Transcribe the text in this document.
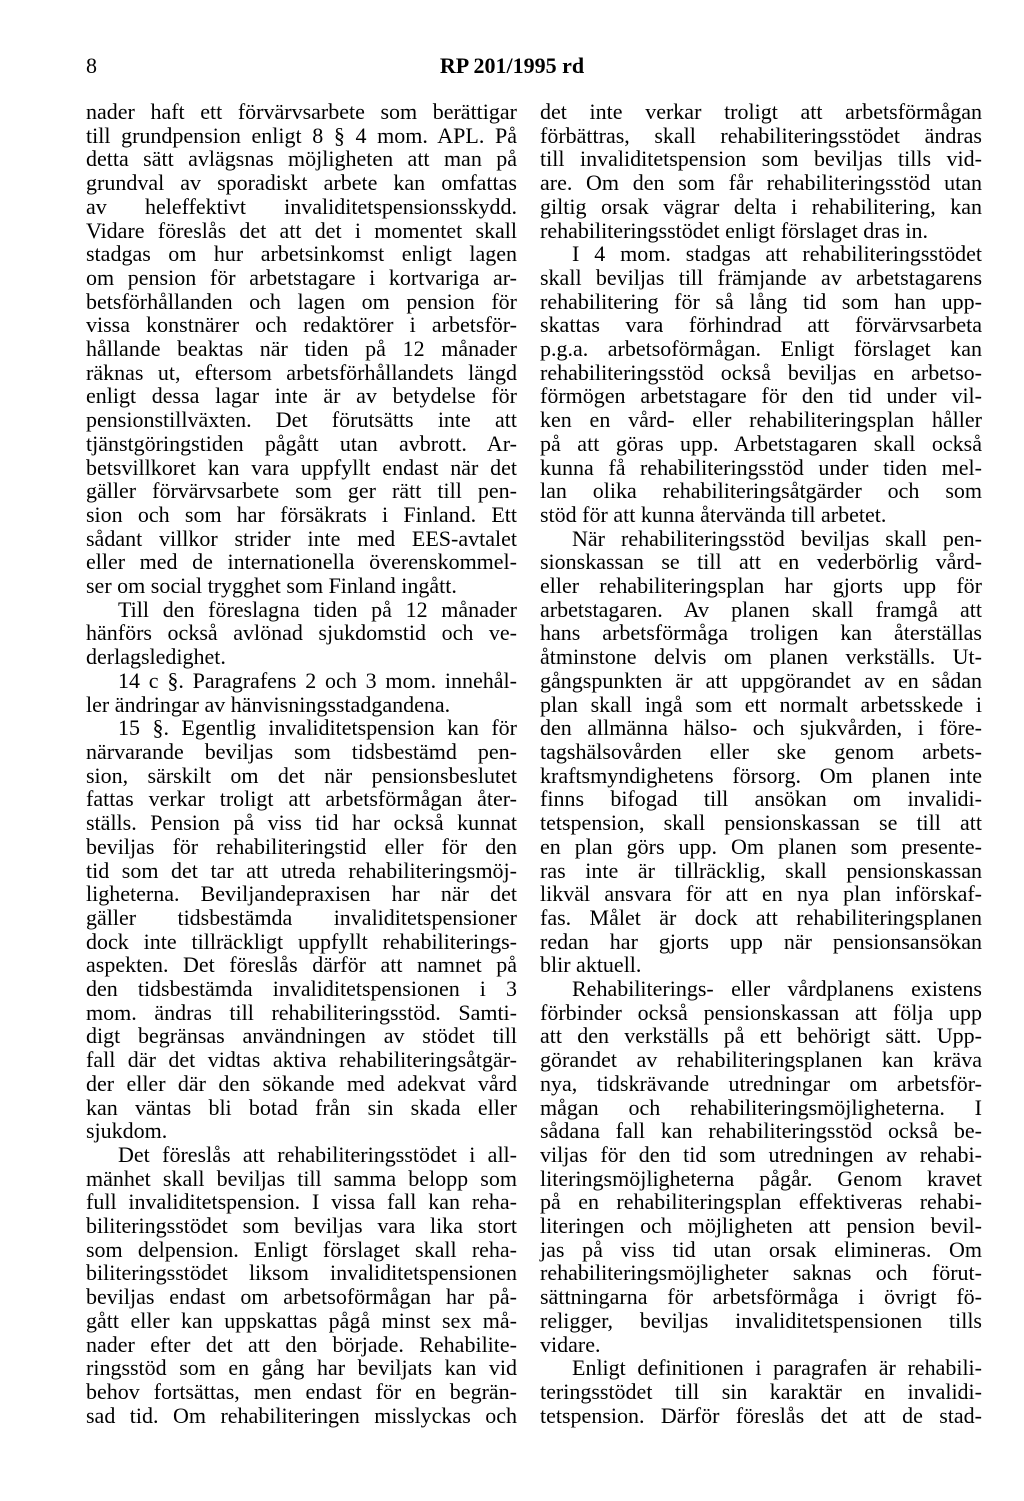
8	RP 201/1995 rd

nader haft ett förvärvsarbete som berättigar
till grundpension enligt 8 § 4 mom. APL. På
detta sätt avlägsnas möjligheten att man på
grundval av sporadiskt arbete kan omfattas
av heleffektivt invaliditetspensionsskydd.
Vidare föreslås det att det i momentet skall
stadgas om hur arbetsinkomst enligt lagen
om pension för arbetstagare i kortvariga ar-
betsförhållanden och lagen om pension för
vissa konstnärer och redaktörer i arbetsför-
hållande beaktas när tiden på 12 månader
räknas ut, eftersom arbetsförhållandets längd
enligt dessa lagar inte är av betydelse för
pensionstillväxten. Det förutsätts inte att
tjänstgöringstiden pågått utan avbrott. Ar-
betsvillkoret kan vara uppfyllt endast när det
gäller förvärvsarbete som ger rätt till pen-
sion och som har försäkrats i Finland. Ett
sådant villkor strider inte med EES-avtalet
eller med de internationella överenskommel-
ser om social trygghet som Finland ingått.

Till den föreslagna tiden på 12 månader
hänförs också avlönad sjukdomstid och ve-
derlagsledighet.

14 c §. Paragrafens 2 och 3 mom. innehål-
ler ändringar av hänvisningsstadgandena.

15 §. Egentlig invaliditetspension kan för
närvarande beviljas som tidsbestämd pen-
sion, särskilt om det när pensionsbeslutet
fattas verkar troligt att arbetsförmågan åter-
ställs. Pension på viss tid har också kunnat
beviljas för rehabiliteringstid eller för den
tid som det tar att utreda rehabiliteringsmöj-
ligheterna. Beviljandepraxisen har när det
gäller tidsbestämda invaliditetspensioner
dock inte tillräckligt uppfyllt rehabiliterings-
aspekten. Det föreslås därför att namnet på
den tidsbestämda invaliditetspensionen i 3
mom. ändras till rehabiliteringsstöd. Samti-
digt begränsas användningen av stödet till
fall där det vidtas aktiva rehabiliteringsåtgär-
der eller där den sökande med adekvat vård
kan väntas bli botad från sin skada eller
sjukdom.

Det föreslås att rehabiliteringsstödet i all-
mänhet skall beviljas till samma belopp som
full invaliditetspension. I vissa fall kan reha-
biliteringsstödet som beviljas vara lika stort
som delpension. Enligt förslaget skall reha-
biliteringsstödet liksom invaliditetspensionen
beviljas endast om arbetsoförmågan har på-
gått eller kan uppskattas pågå minst sex må-
nader efter det att den började. Rehabilite-
ringsstöd som en gång har beviljats kan vid
behov fortsättas, men endast för en begrän-
sad tid. Om rehabiliteringen misslyckas och

det inte verkar troligt att arbetsförmågan
förbättras, skall rehabiliteringsstödet ändras
till invaliditetspension som beviljas tills vid-
are. Om den som får rehabiliteringsstöd utan
giltig orsak vägrar delta i rehabilitering, kan
rehabiliteringsstödet enligt förslaget dras in.

I 4 mom. stadgas att rehabiliteringsstödet
skall beviljas till främjande av arbetstagarens
rehabilitering för så lång tid som han upp-
skattas vara förhindrad att förvärvsarbeta
p.g.a. arbetsoförmågan. Enligt förslaget kan
rehabiliteringsstöd också beviljas en arbetso-
förmögen arbetstagare för den tid under vil-
ken en vård- eller rehabiliteringsplan håller
på att göras upp. Arbetstagaren skall också
kunna få rehabiliteringsstöd under tiden mel-
lan olika rehabiliteringsåtgärder och som
stöd för att kunna återvända till arbetet.

När rehabiliteringsstöd beviljas skall pen-
sionskassan se till att en vederbörlig vård-
eller rehabiliteringsplan har gjorts upp för
arbetstagaren. Av planen skall framgå att
hans arbetsförmåga troligen kan återställas
åtminstone delvis om planen verkställs. Ut-
gångspunkten är att uppgörandet av en sådan
plan skall ingå som ett normalt arbetsskede i
den allmänna hälso- och sjukvården, i före-
tagshälsovården eller ske genom arbets-
kraftsmyndighetens försorg. Om planen inte
finns bifogad till ansökan om invalidi-
tetspension, skall pensionskassan se till att
en plan görs upp. Om planen som presente-
ras inte är tillräcklig, skall pensionskassan
likväl ansvara för att en nya plan införskaf-
fas. Målet är dock att rehabiliteringsplanen
redan har gjorts upp när pensionsansökan
blir aktuell.

Rehabiliterings- eller vårdplanens existens
förbinder också pensionskassan att följa upp
att den verkställs på ett behörigt sätt. Upp-
görandet av rehabiliteringsplanen kan kräva
nya, tidskrävande utredningar om arbetsför-
mågan och rehabiliteringsmöjligheterna. I
sådana fall kan rehabiliteringsstöd också be-
viljas för den tid som utredningen av rehabi-
literingsmöjligheterna pågår. Genom kravet
på en rehabiliteringsplan effektiveras rehabi-
literingen och möjligheten att pension bevil-
jas på viss tid utan orsak elimineras. Om
rehabiliteringsmöjligheter saknas och förut-
sättningarna för arbetsförmåga i övrigt fö-
religger, beviljas invaliditetspensionen tills
vidare.

Enligt definitionen i paragrafen är rehabili-
teringsstödet till sin karaktär en invalidi-
tetspension. Därför föreslås det att de stad-
